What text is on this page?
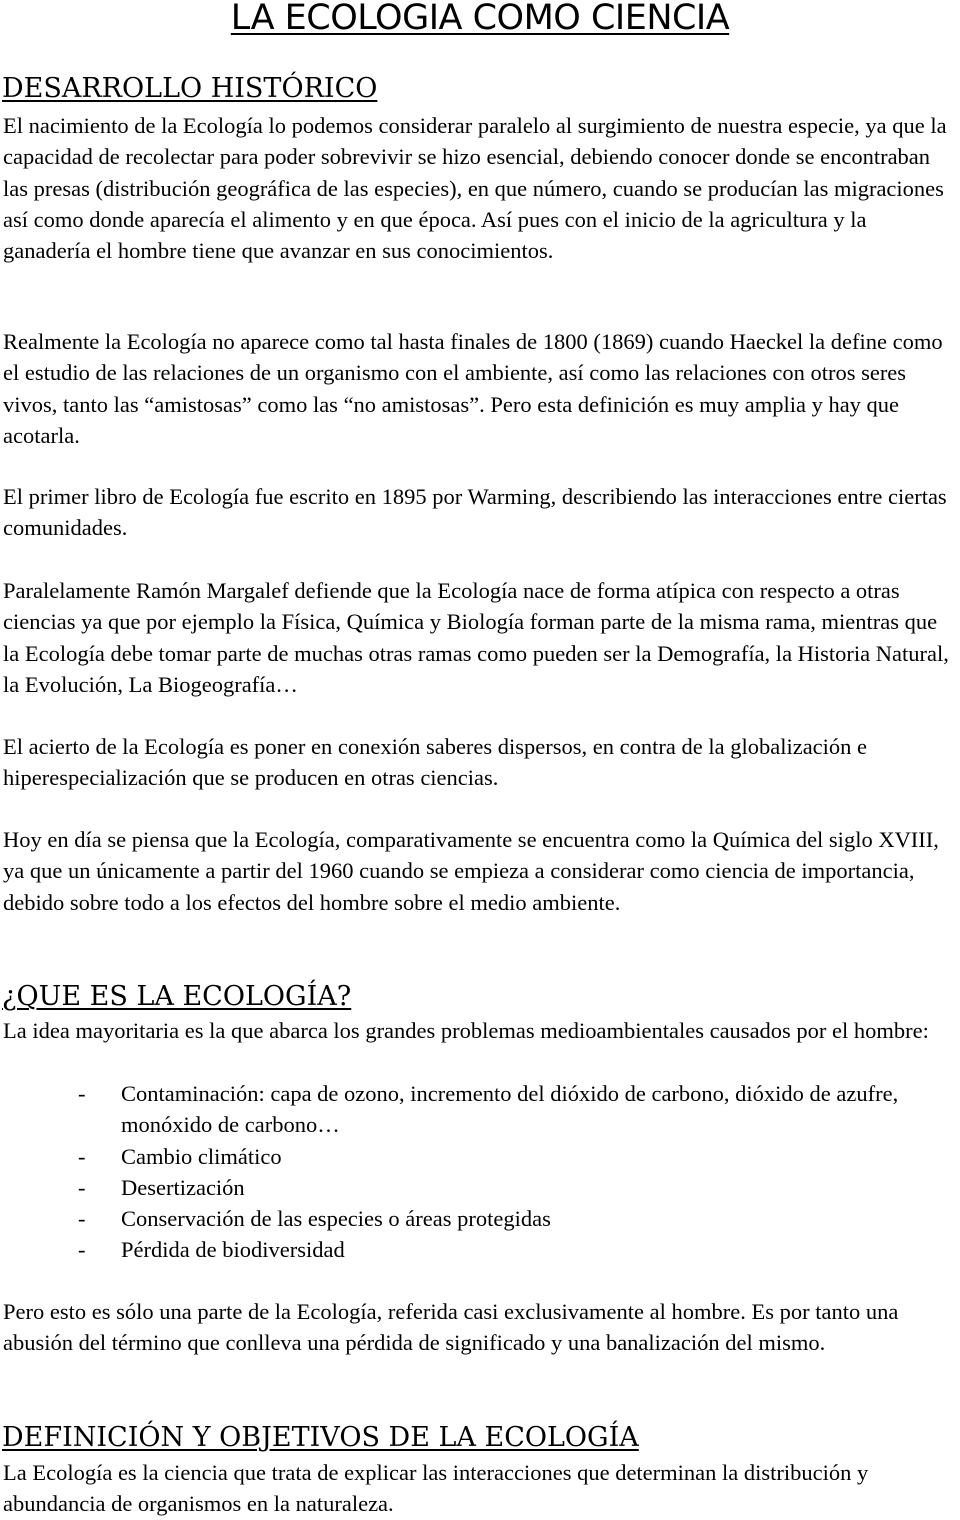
LA ECOLOGIA COMO CIENCIA
DESARROLLO HISTÓRICO

El nacimiento de la Ecología lo podemos considerar paralelo al surgimiento de nuestra especie, ya que la capacidad de recolectar para poder sobrevivir se hizo esencial, debiendo conocer donde se encontraban las presas (distribución geográfica de las especies), en que número, cuando se producían las migraciones así como donde aparecía el alimento y en que época. Así pues con el inicio de la agricultura y la ganadería el hombre tiene que avanzar en sus conocimientos.

Realmente la Ecología no aparece como tal hasta finales de 1800 (1869) cuando Haeckel la define como el estudio de las relaciones de un organismo con el ambiente, así como las relaciones con otros seres vivos, tanto las “amistosas” como las “no amistosas”. Pero esta definición es muy amplia y hay que acotarla.

El primer libro de Ecología fue escrito en 1895 por Warming, describiendo las interacciones entre ciertas comunidades.

Paralelamente Ramón Margalef defiende que la Ecología nace de forma atípica con respecto a otras ciencias ya que por ejemplo la Física, Química y Biología forman parte de la misma rama, mientras que la Ecología debe tomar parte de muchas otras ramas como pueden ser la Demografía, la Historia Natural, la Evolución, La Biogeografía…

El acierto de la Ecología es poner en conexión saberes dispersos, en contra de la globalización e hiperespecialización que se producen en otras ciencias.

Hoy en día se piensa que la Ecología, comparativamente se encuentra como la Química del siglo XVIII, ya que un únicamente a partir del 1960 cuando se empieza a considerar como ciencia de importancia, debido sobre todo a los efectos del hombre sobre el medio ambiente.

¿QUE ES LA ECOLOGÍA?

La idea mayoritaria es la que abarca los grandes problemas medioambientales causados por el hombre:

- Contaminación: capa de ozono, incremento del dióxido de carbono, dióxido de azufre, monóxido de carbono…
- Cambio climático
- Desertización
- Conservación de las especies o áreas protegidas
- Pérdida de biodiversidad

Pero esto es sólo una parte de la Ecología, referida casi exclusivamente al hombre. Es por tanto una abusión del término que conlleva una pérdida de significado y una banalización del mismo.

DEFINICIÓN Y OBJETIVOS DE LA ECOLOGÍA

La Ecología es la ciencia que trata de explicar las interacciones que determinan la distribución y abundancia de organismos en la naturaleza.
